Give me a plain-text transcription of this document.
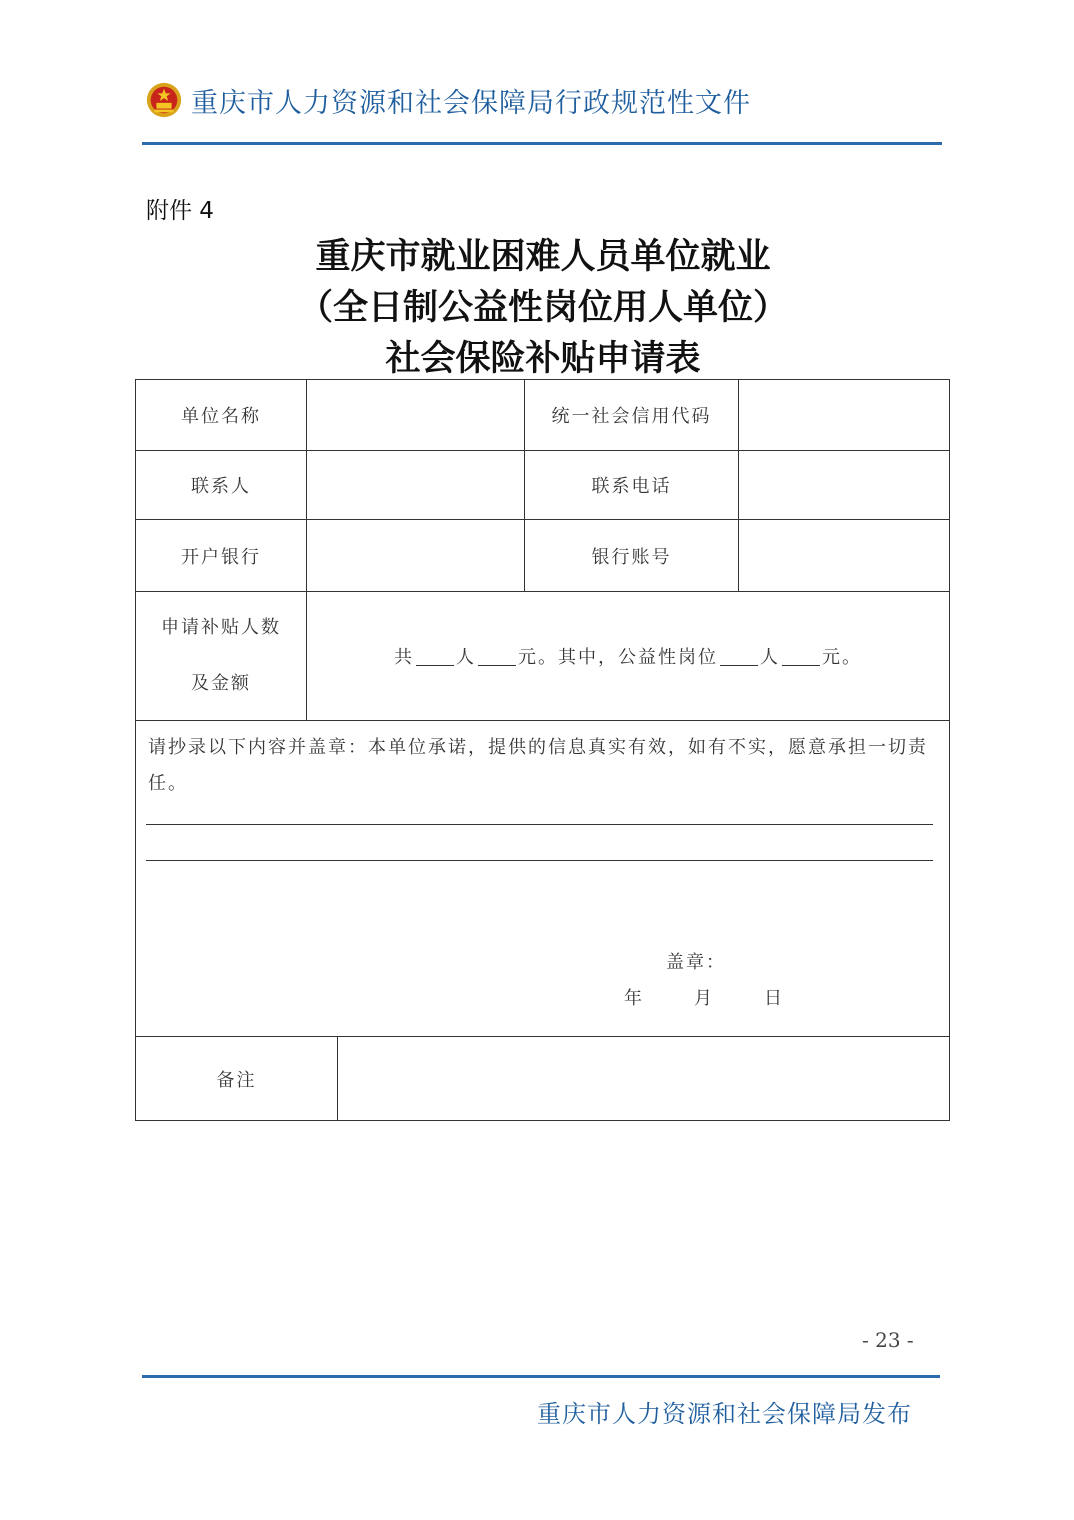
重庆市人力资源和社会保障局行政规范性文件
附件 4
重庆市就业困难人员单位就业
（全日制公益性岗位用人单位）
社会保险补贴申请表
单位名称	统一社会信用代码
联系人	联系电话
开户银行	银行账号
申请补贴人数
及金额
共 人 元。其中，公益性岗位 人 元。
请抄录以下内容并盖章：本单位承诺，提供的信息真实有效，如有不实，愿意承担一切责任。
盖章：
年	月	日
备注
- 23 -
重庆市人力资源和社会保障局发布
